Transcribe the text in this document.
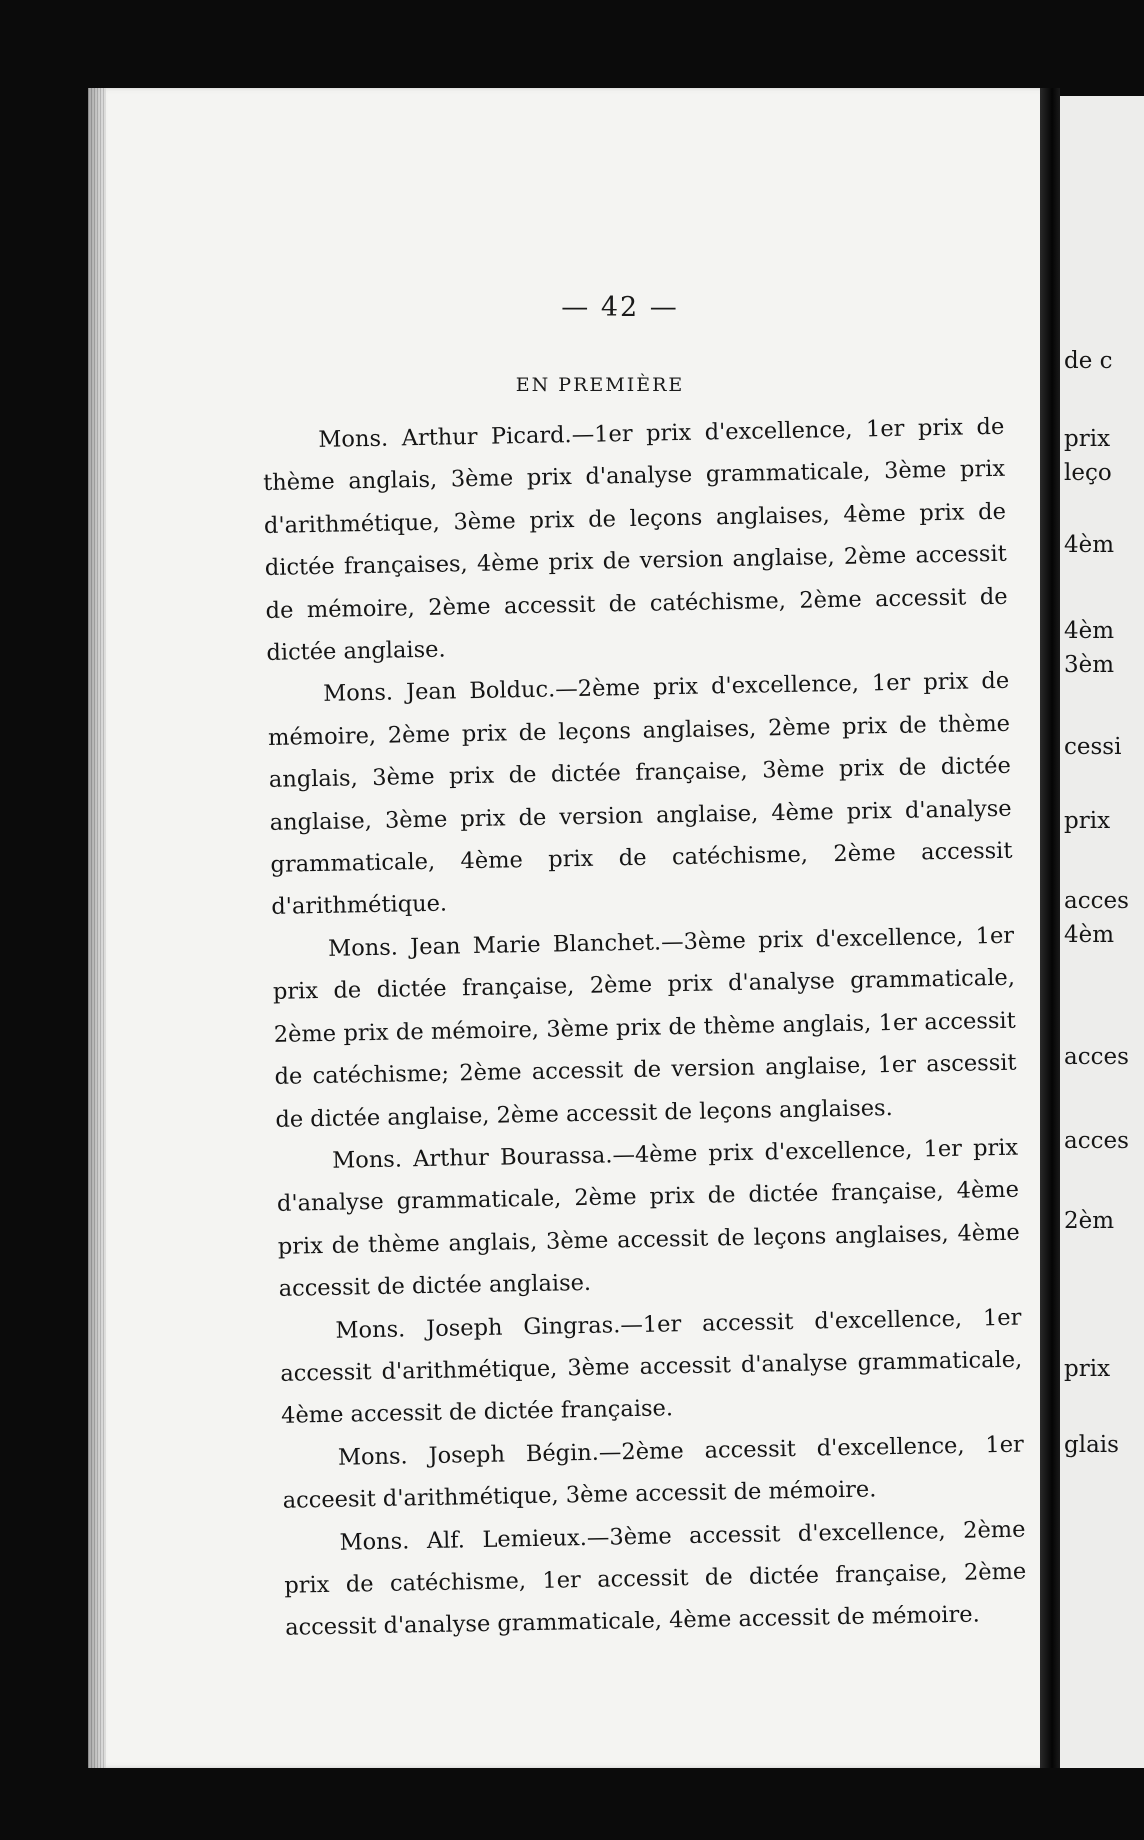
de c
prix
leço
4èm
4èm
3èm
cessi
prix
acces
4èm
acces
acces
2èm
prix
glais
— 42 —
EN PREMIÈRE

Mons. Arthur Picard.—1er prix d'excellence, 1er prix de thème anglais, 3ème prix d'analyse grammaticale, 3ème prix d'arithmétique, 3ème prix de leçons anglaises, 4ème prix de dictée françaises, 4ème prix de version anglaise, 2ème accessit de mémoire, 2ème accessit de catéchisme, 2ème accessit de dictée anglaise.

Mons. Jean Bolduc.—2ème prix d'excellence, 1er prix de mémoire, 2ème prix de leçons anglaises, 2ème prix de thème anglais, 3ème prix de dictée française, 3ème prix de dictée anglaise, 3ème prix de version anglaise, 4ème prix d'analyse grammaticale, 4ème prix de catéchisme, 2ème accessit d'arithmétique.

Mons. Jean Marie Blanchet.—3ème prix d'excellence, 1er prix de dictée française, 2ème prix d'analyse grammaticale, 2ème prix de mémoire, 3ème prix de thème anglais, 1er accessit de catéchisme; 2ème accessit de version anglaise, 1er ascessit de dictée anglaise, 2ème accessit de leçons anglaises.

Mons. Arthur Bourassa.—4ème prix d'excellence, 1er prix d'analyse grammaticale, 2ème prix de dictée française, 4ème prix de thème anglais, 3ème accessit de leçons anglaises, 4ème accessit de dictée anglaise.

Mons. Joseph Gingras.—1er accessit d'excellence, 1er accessit d'arithmétique, 3ème accessit d'analyse grammaticale, 4ème accessit de dictée française.

Mons. Joseph Bégin.—2ème accessit d'excellence, 1er acceesit d'arithmétique, 3ème accessit de mémoire.

Mons. Alf. Lemieux.—3ème accessit d'excellence, 2ème prix de catéchisme, 1er accessit de dictée française, 2ème accessit d'analyse grammaticale, 4ème accessit de mémoire.
